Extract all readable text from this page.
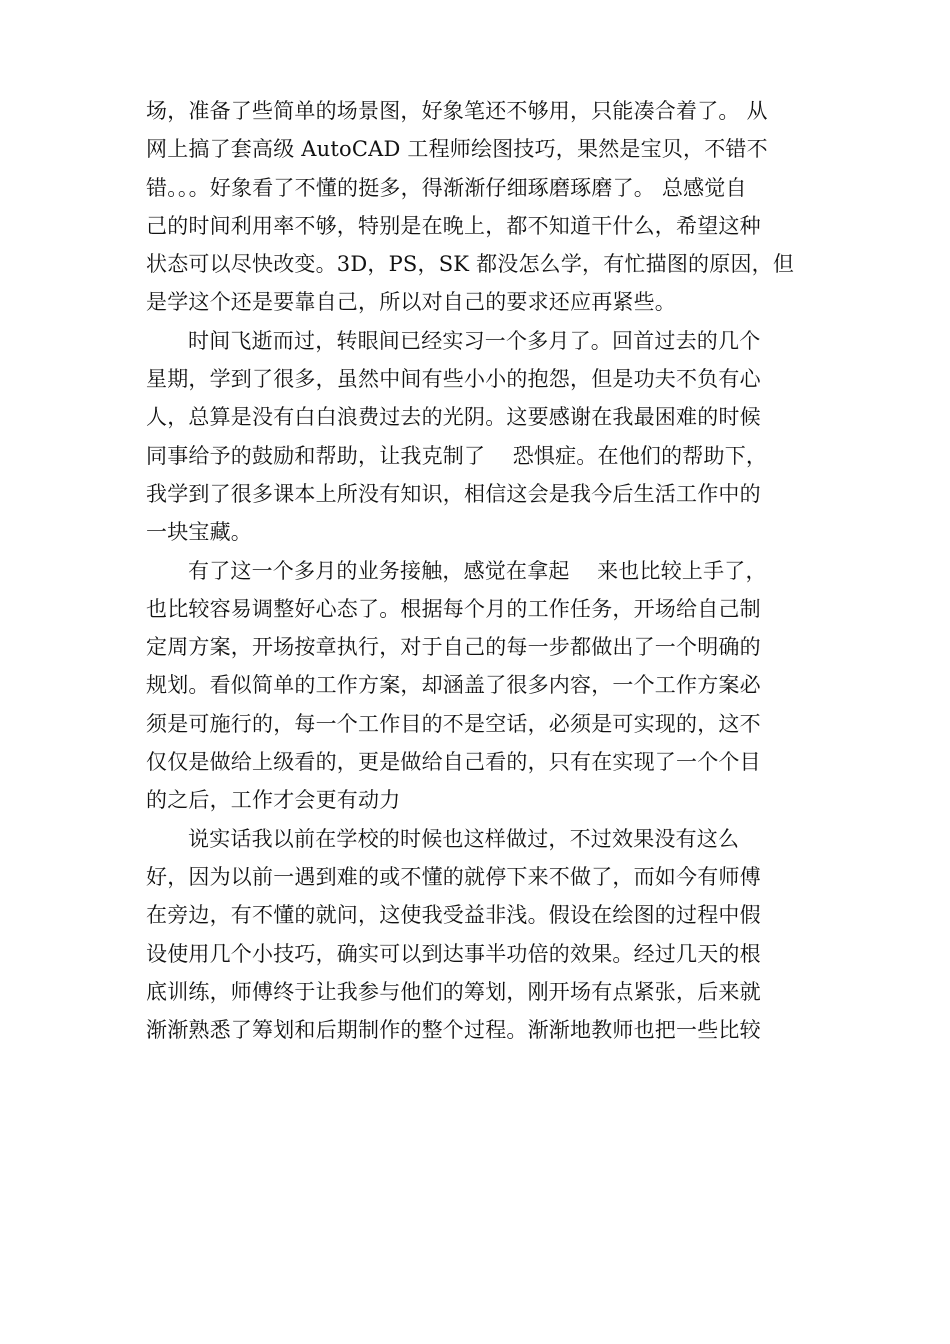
场，准备了些简单的场景图，好象笔还不够用，只能凑合着了。 从
网上搞了套高级 AutoCAD 工程师绘图技巧，果然是宝贝，不错不
错。。。好象看了不懂的挺多，得渐渐仔细琢磨琢磨了。 总感觉自
己的时间利用率不够，特别是在晚上，都不知道干什么，希望这种
状态可以尽快改变。3D，PS，SK 都没怎么学，有忙描图的原因，但
是学这个还是要靠自己，所以对自己的要求还应再紧些。
时间飞逝而过，转眼间已经实习一个多月了。回首过去的几个
星期，学到了很多，虽然中间有些小小的抱怨，但是功夫不负有心
人，总算是没有白白浪费过去的光阴。这要感谢在我最困难的时候
同事给予的鼓励和帮助，让我克制了    恐惧症。在他们的帮助下，
我学到了很多课本上所没有知识，相信这会是我今后生活工作中的
一块宝藏。
有了这一个多月的业务接触，感觉在拿起    来也比较上手了，
也比较容易调整好心态了。根据每个月的工作任务，开场给自己制
定周方案，开场按章执行，对于自己的每一步都做出了一个明确的
规划。看似简单的工作方案，却涵盖了很多内容，一个工作方案必
须是可施行的，每一个工作目的不是空话，必须是可实现的，这不
仅仅是做给上级看的，更是做给自己看的，只有在实现了一个个目
的之后，工作才会更有动力
说实话我以前在学校的时候也这样做过，不过效果没有这么
好，因为以前一遇到难的或不懂的就停下来不做了，而如今有师傅
在旁边，有不懂的就问，这使我受益非浅。假设在绘图的过程中假
设使用几个小技巧，确实可以到达事半功倍的效果。经过几天的根
底训练，师傅终于让我参与他们的筹划，刚开场有点紧张，后来就
渐渐熟悉了筹划和后期制作的整个过程。渐渐地教师也把一些比较
